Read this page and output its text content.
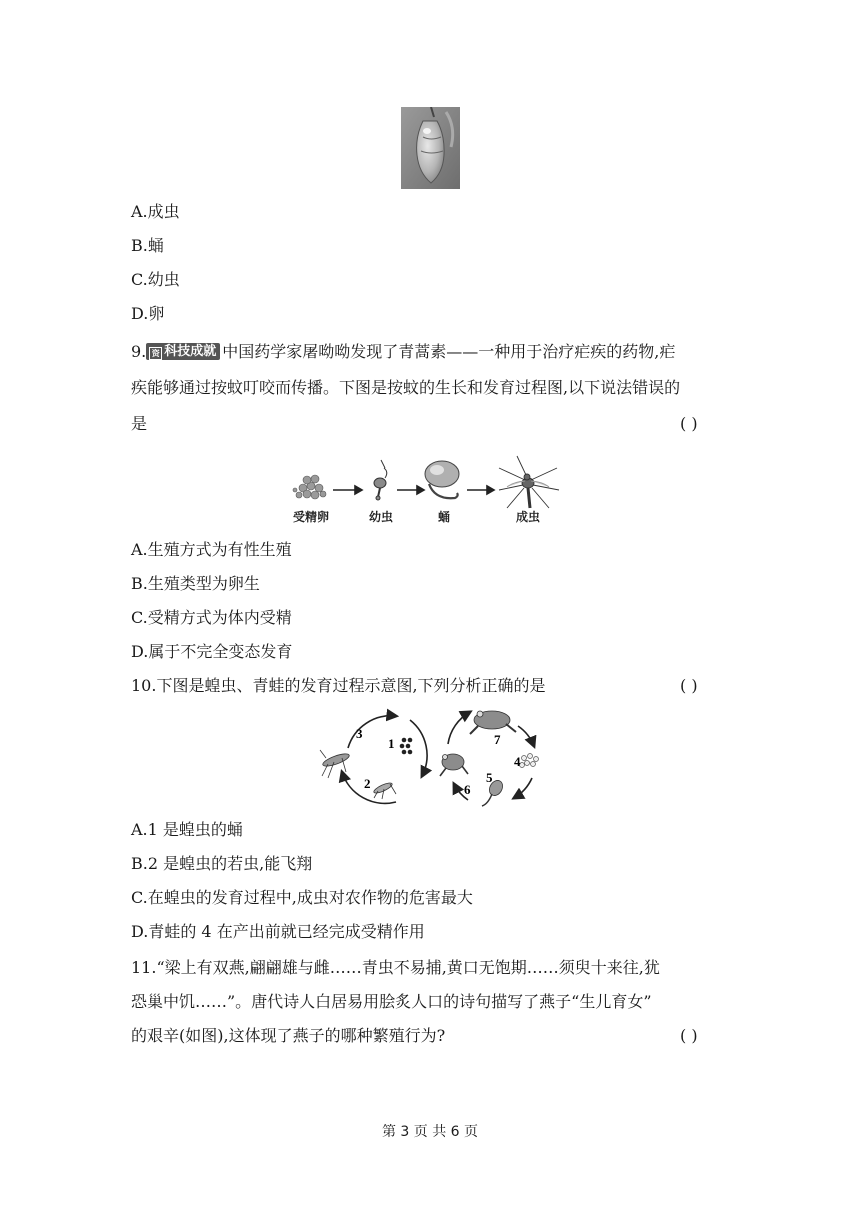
A.成虫
B.蛹
C.幼虫
D.卵
9. 资 科技成就 中国药学家屠呦呦发现了青蒿素——一种用于治疗疟疾的药物,疟
疾能够通过按蚊叮咬而传播。下图是按蚊的生长和发育过程图,以下说法错误的
是	( )
受精卵	幼虫	蛹	成虫
A.生殖方式为有性生殖
B.生殖类型为卵生
C.受精方式为体内受精
D.属于不完全变态发育
10.下图是蝗虫、青蛙的发育过程示意图,下列分析正确的是	( )
3
1
2
7
4
5
6
A.1 是蝗虫的蛹
B.2 是蝗虫的若虫,能飞翔
C.在蝗虫的发育过程中,成虫对农作物的危害最大
D.青蛙的 4 在产出前就已经完成受精作用
11.“梁上有双燕,翩翩雄与雌……青虫不易捕,黄口无饱期……须臾十来往,犹
恐巢中饥……”。唐代诗人白居易用脍炙人口的诗句描写了燕子“生儿育女”
的艰辛(如图),这体现了燕子的哪种繁殖行为?	( )
第 3 页 共 6 页
